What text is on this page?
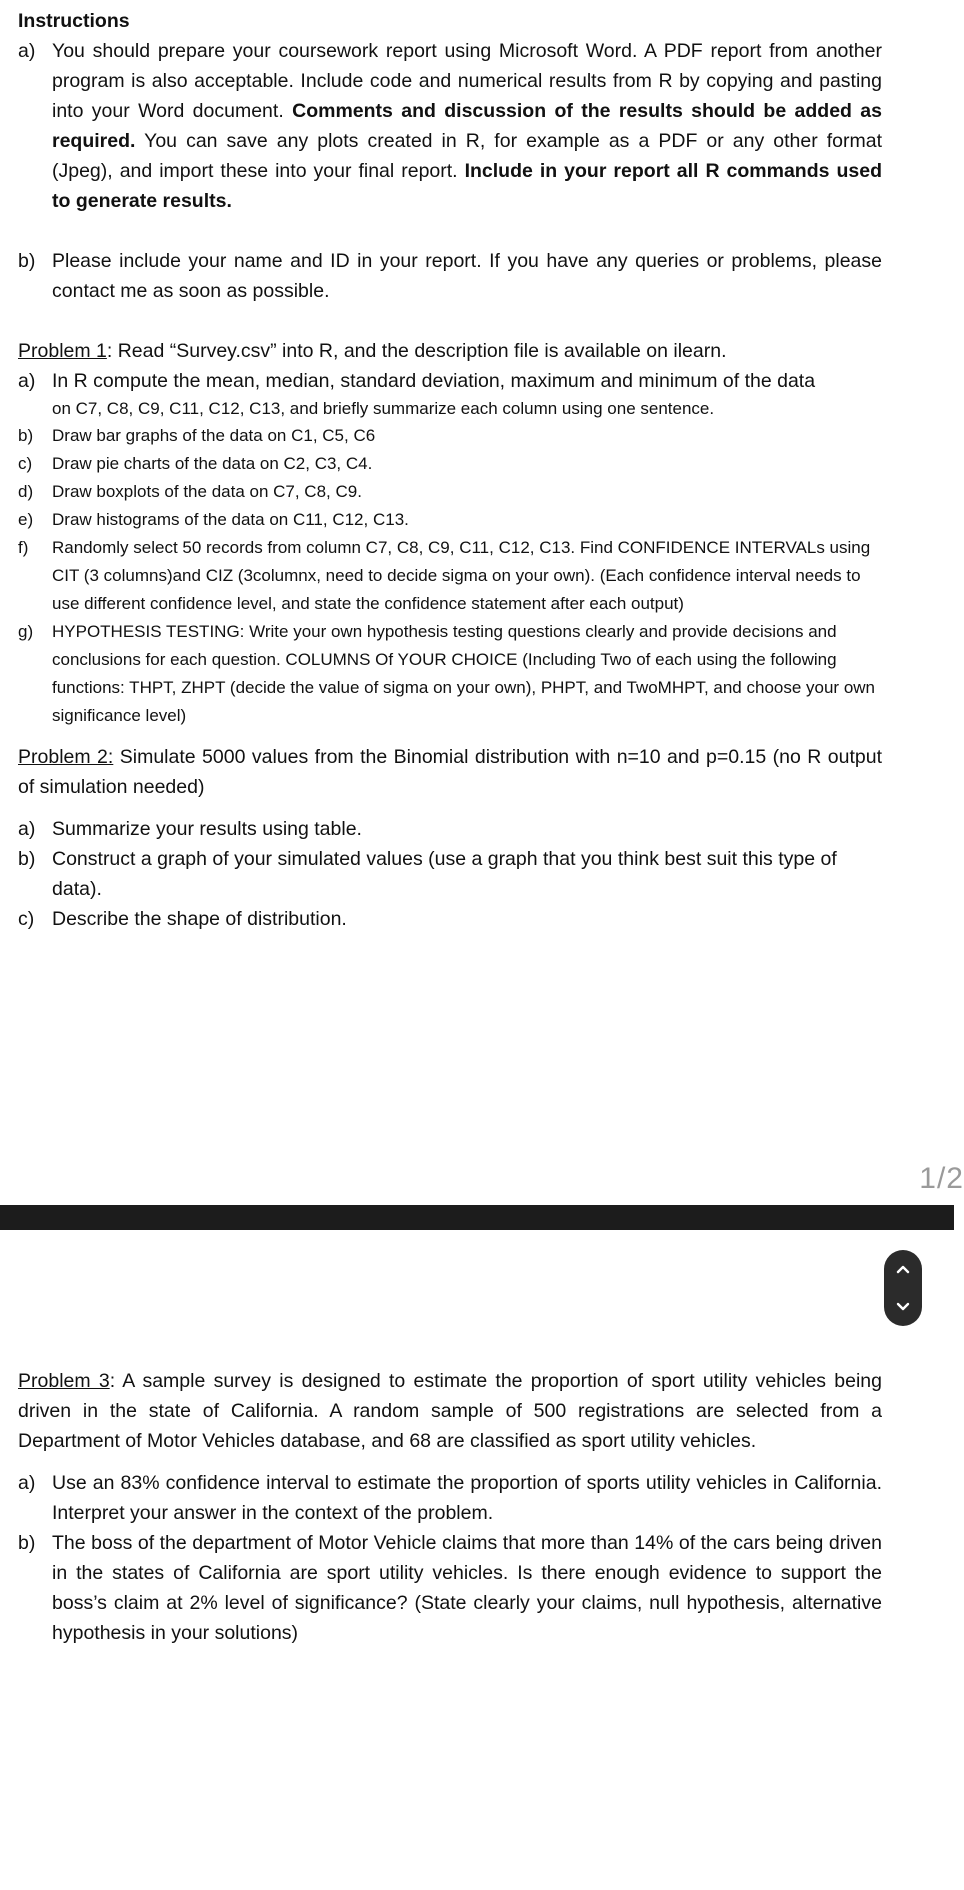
Instructions
a) You should prepare your coursework report using Microsoft Word. A PDF report from another program is also acceptable. Include code and numerical results from R by copying and pasting into your Word document. Comments and discussion of the results should be added as required. You can save any plots created in R, for example as a PDF or any other format (Jpeg), and import these into your final report. Include in your report all R commands used to generate results.

b) Please include your name and ID in your report. If you have any queries or problems, please contact me as soon as possible.

Problem 1: Read “Survey.csv” into R, and the description file is available on ilearn.

a) In R compute the mean, median, standard deviation, maximum and minimum of the data

on C7, C8, C9, C11, C12, C13, and briefly summarize each column using one sentence.

b) Draw bar graphs of the data on C1, C5, C6

c) Draw pie charts of the data on C2, C3, C4.

d) Draw boxplots of the data on C7, C8, C9.

e) Draw histograms of the data on C11, C12, C13.

f) Randomly select 50 records from column C7, C8, C9, C11, C12, C13. Find CONFIDENCE INTERVALs using CIT (3 columns)and CIZ (3columnx, need to decide sigma on your own). (Each confidence interval needs to use different confidence level, and state the confidence statement after each output)

g) HYPOTHESIS TESTING: Write your own hypothesis testing questions clearly and provide decisions and conclusions for each question. COLUMNS Of YOUR CHOICE (Including Two of each using the following functions: THPT, ZHPT (decide the value of sigma on your own), PHPT, and TwoMHPT, and choose your own significance level)

Problem 2: Simulate 5000 values from the Binomial distribution with n=10 and p=0.15 (no R output of simulation needed)

a) Summarize your results using table.

b) Construct a graph of your simulated values (use a graph that you think best suit this type of data).

c) Describe the shape of distribution.

1/2

Problem 3: A sample survey is designed to estimate the proportion of sport utility vehicles being driven in the state of California. A random sample of 500 registrations are selected from a Department of Motor Vehicles database, and 68 are classified as sport utility vehicles.

a) Use an 83% confidence interval to estimate the proportion of sports utility vehicles in California. Interpret your answer in the context of the problem.

b) The boss of the department of Motor Vehicle claims that more than 14% of the cars being driven in the states of California are sport utility vehicles. Is there enough evidence to support the boss’s claim at 2% level of significance? (State clearly your claims, null hypothesis, alternative hypothesis in your solutions)
